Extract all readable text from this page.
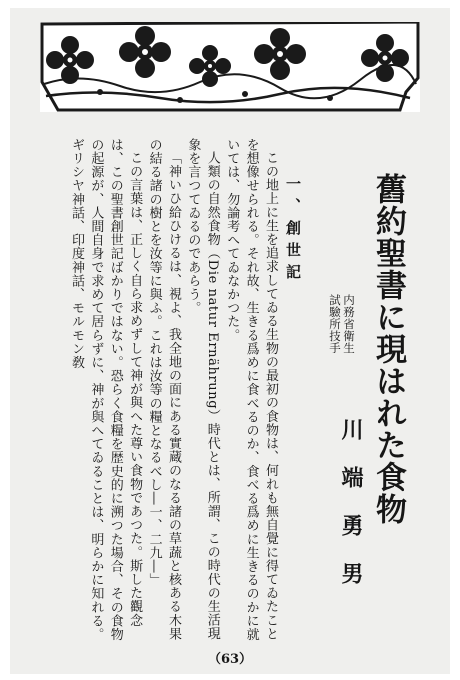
舊約聖書に現はれた食物
内務省衛生
試驗所技手
川端勇男
一、創世記

この地上に生を追求してゐる生物の最初の食物は、何れも無自覺に得てゐたことを想像せられる。それ故、生きる爲めに食べるのか、食べる爲めに生きるのかに就いては、勿論考へてゐなかつた。

人類の自然食物（Die natur Ernährung）時代とは、所謂、この時代の生活現象を言つてゐるのであらう。

「神いひ給ひけるは、視よ、我全地の面にある實蔵のなる諸の草蔬と核ある木果の結る諸の樹とを汝等に與ふ。これは汝等の糧となるべし―一、二九―」

この言葉は、正しく自ら求めずして神が與へた尊い食物であつた。斯した觀念は、この聖書創世記ばかりではない。恐らく食糧を歴史的に溯つた場合、その食物の起源が、人間自身で求めて居らずに、神が與へてゐることは、明らかに知れる。ギリシヤ神話、印度神話、モルモン敎

（63）
